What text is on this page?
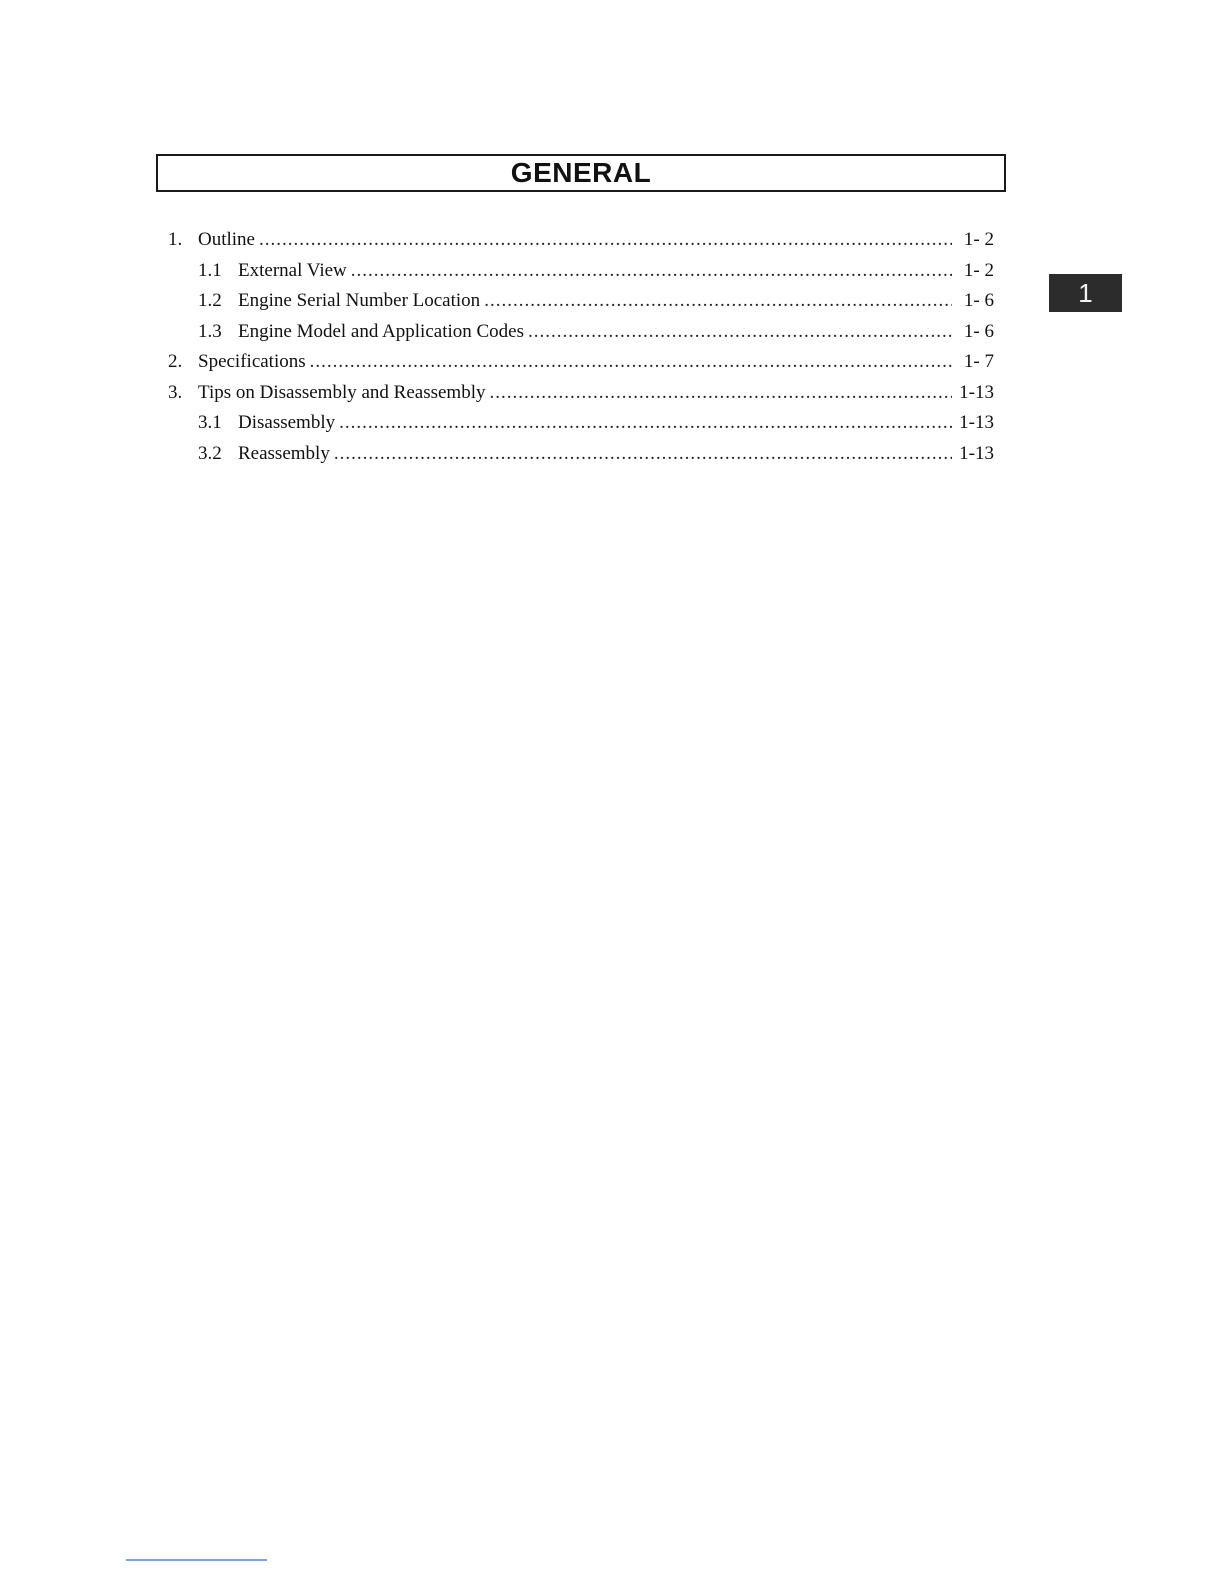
GENERAL
1. Outline .....	1- 2
1.1 External View .....	1- 2
1.2 Engine Serial Number Location .....	1- 6
1.3 Engine Model and Application Codes .....	1- 6
2. Specifications .....	1- 7
3. Tips on Disassembly and Reassembly .....	1-13
3.1 Disassembly .....	1-13
3.2 Reassembly .....	1-13
1
